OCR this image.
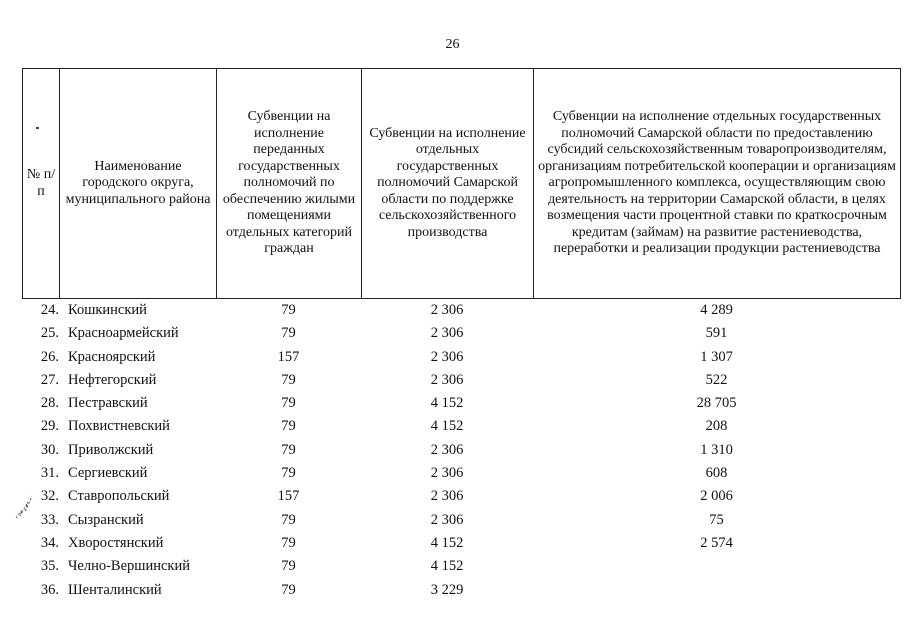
26
№ п/п	Наименование городского округа, муниципального района	Субвенции на исполнение переданных государственных полномочий по обеспечению жилыми помещениями отдельных категорий граждан	Субвенции на исполнение отдельных государственных полномочий Самарской области по поддержке сельскохозяйственного производства	Субвенции на исполнение отдельных государственных полномочий Самарской области по предоставлению субсидий сельскохозяйственным товаропроизводителям, организациям потребительской кооперации и организациям агропромышленного комплекса, осуществляющим свою деятельность на территории Самарской области, в целях возмещения части процентной ставки по краткосрочным кредитам (займам) на развитие растениеводства, переработки и реализации продукции растениеводства
24. Кошкинский	79	2 306	4 289
25. Красноармейский	79	2 306	591
26. Красноярский	157	2 306	1 307
27. Нефтегорский	79	2 306	522
28. Пестравский	79	4 152	28 705
29. Похвистневский	79	4 152	208
30. Приволжский	79	2 306	1 310
31. Сергиевский	79	2 306	608
32. Ставропольский	157	2 306	2 006
33. Сызранский	79	2 306	75
34. Хворостянский	79	4 152	2 574
35. Челно-Вершинский	79	4 152
36. Шенталинский	79	3 229
